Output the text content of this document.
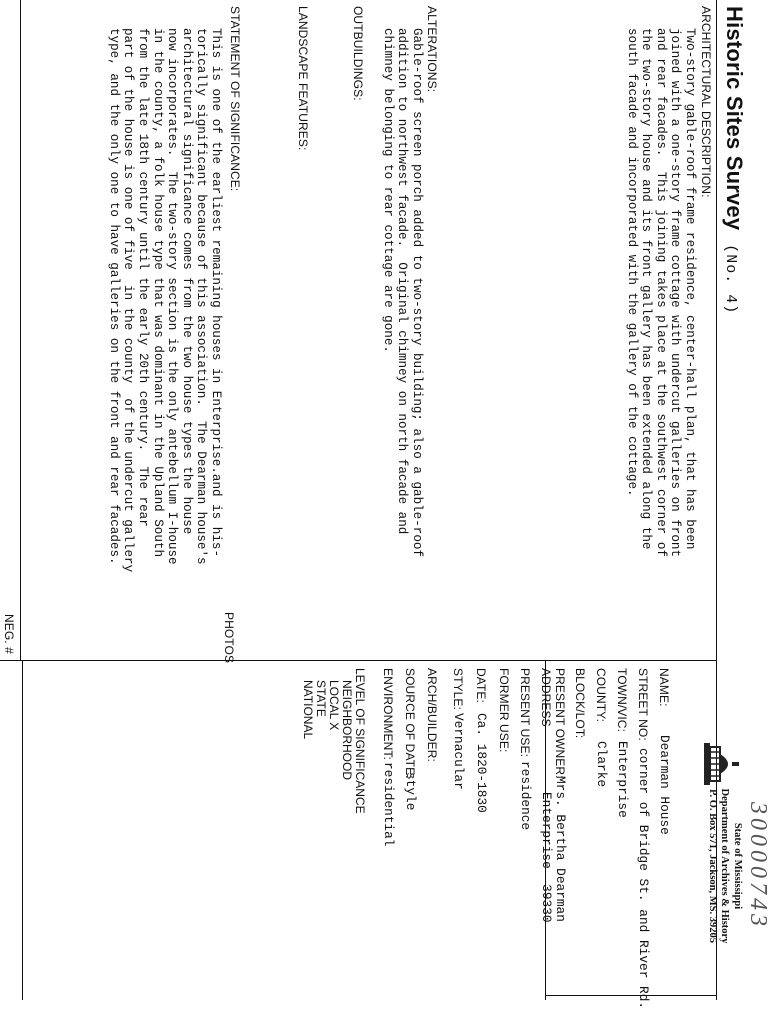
Historic Sites Survey(No. 4)
ARCHITECTURAL DESCRIPTION:
Two-story gable-roof frame residence, center-hall plan, that has been
joined with a one-story frame cottage with undercut galleries on front
and rear facades.  This joining takes place at the southwest corner of
the two-story house and its front gallery has been extended along the
south facade and incorporated with the gallery of the cottage.
ALTERATIONS:
Gable-roof screen porch added to two-story building; also a gable-roof
addition to northwest facade.  Original chimney on north facade and
chimney belonging to rear cottage are gone.
OUTBUILDINGS:
LANDSCAPE FEATURES:
STATEMENT OF SIGNIFICANCE:
This is one of the earliest remaining houses in Enterprise.and is his-
torically significant because of this association.  The Dearman house's
architectural significance comes from the two house types the house
now incorporates.  The two-story section is the only antebellum I-house
in the county, a folk house type that was dominant in the Upland South
from the late 18th century until the early 20th century.  The rear
part of the house is one of five  in the county  of the undercut gallery
type, and the only one to have galleries on the front and rear facades.
30000743
State of Mississippi
Department of Archives & History
P. O. Box 571, Jackson, MS. 39205
NAME:
Dearman House
STREET NO:
corner of Bridge St. and River Rd.
TOWN/VIC:
Enterprise
COUNTY:
Clarke
BLOCK/LOT:
PRESENT OWNER:
Mrs. Bertha Dearman
ADDRESS
Enterprise  39330
PRESENT USE:
residence
FORMER USE:
DATE:
Ca. 1820-1830
STYLE:
Vernacular
ARCH/BUILDER:
SOURCE OF DATE:
style
ENVIRONMENT:
residential
LEVEL OF SIGNIFICANCE
NEIGHBORHOOD
LOCAL X
STATE
NATIONAL
PHOTOS
NEG. #
